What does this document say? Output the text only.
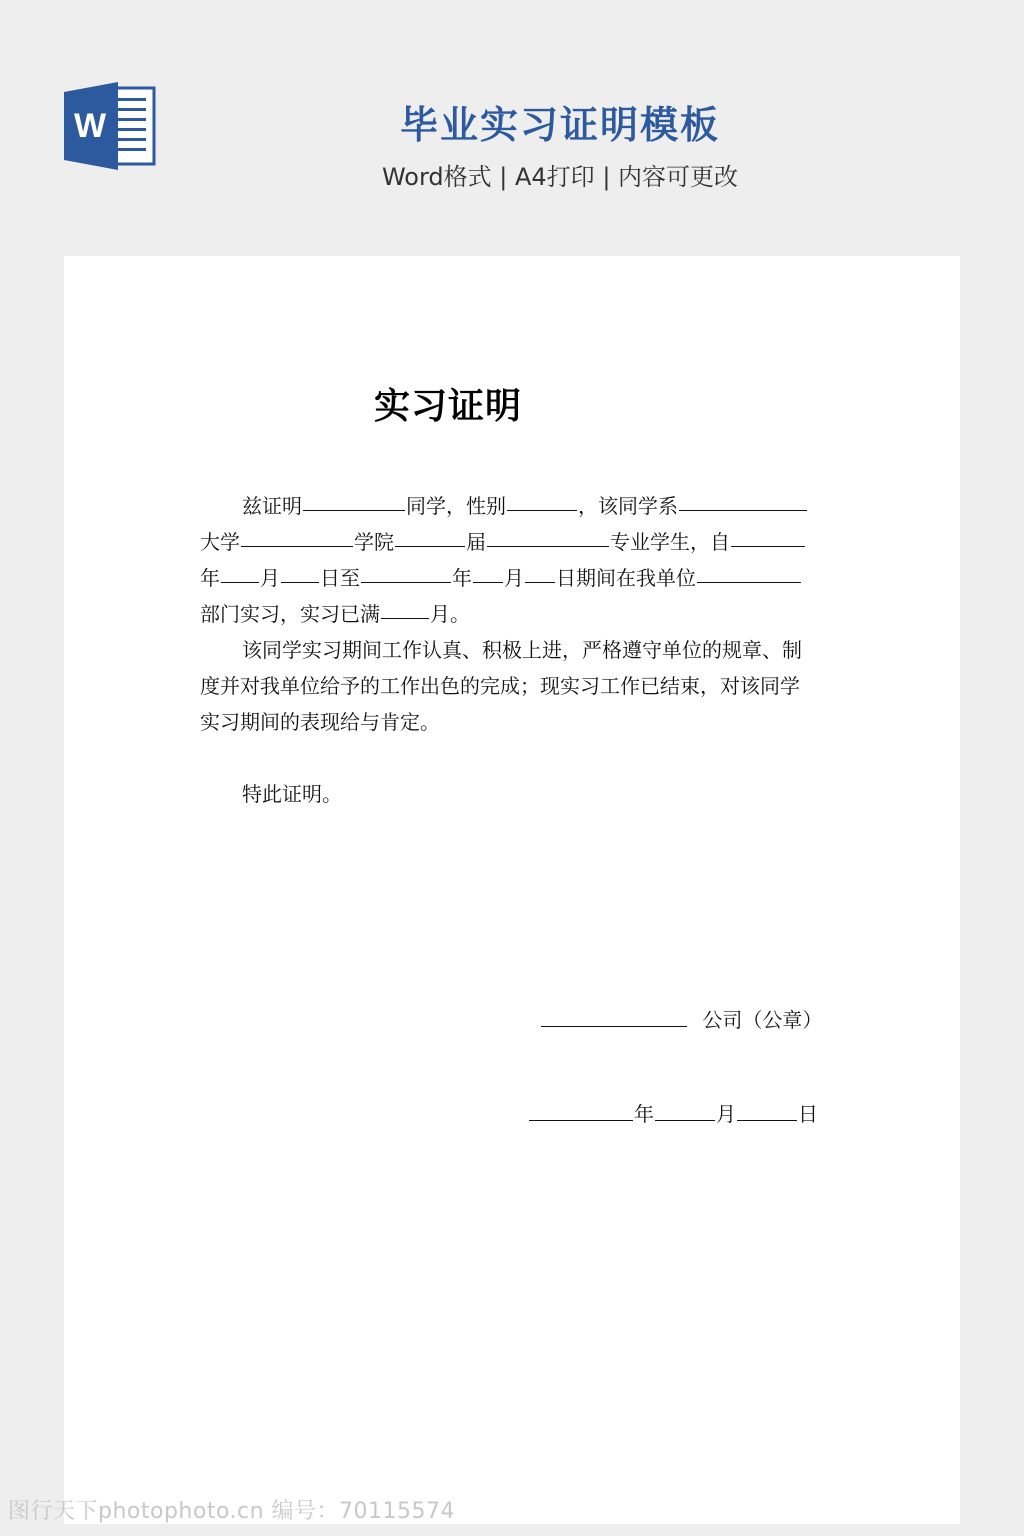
W	毕业实习证明模板
Word格式 | A4打印 | 内容可更改
实习证明
兹证明	同学，性别	，该同学系
大学	学院	届	专业学生，自
年 月 日至	年 月 日期间在我单位
部门实习，实习已满	月。
该同学实习期间工作认真、积极上进，严格遵守单位的规章、制
度并对我单位给予的工作出色的完成；现实习工作已结束，对该同学
实习期间的表现给与肯定。
特此证明。
公司（公章）
年	月	日
图行天下photophoto.cn 编号：70115574
